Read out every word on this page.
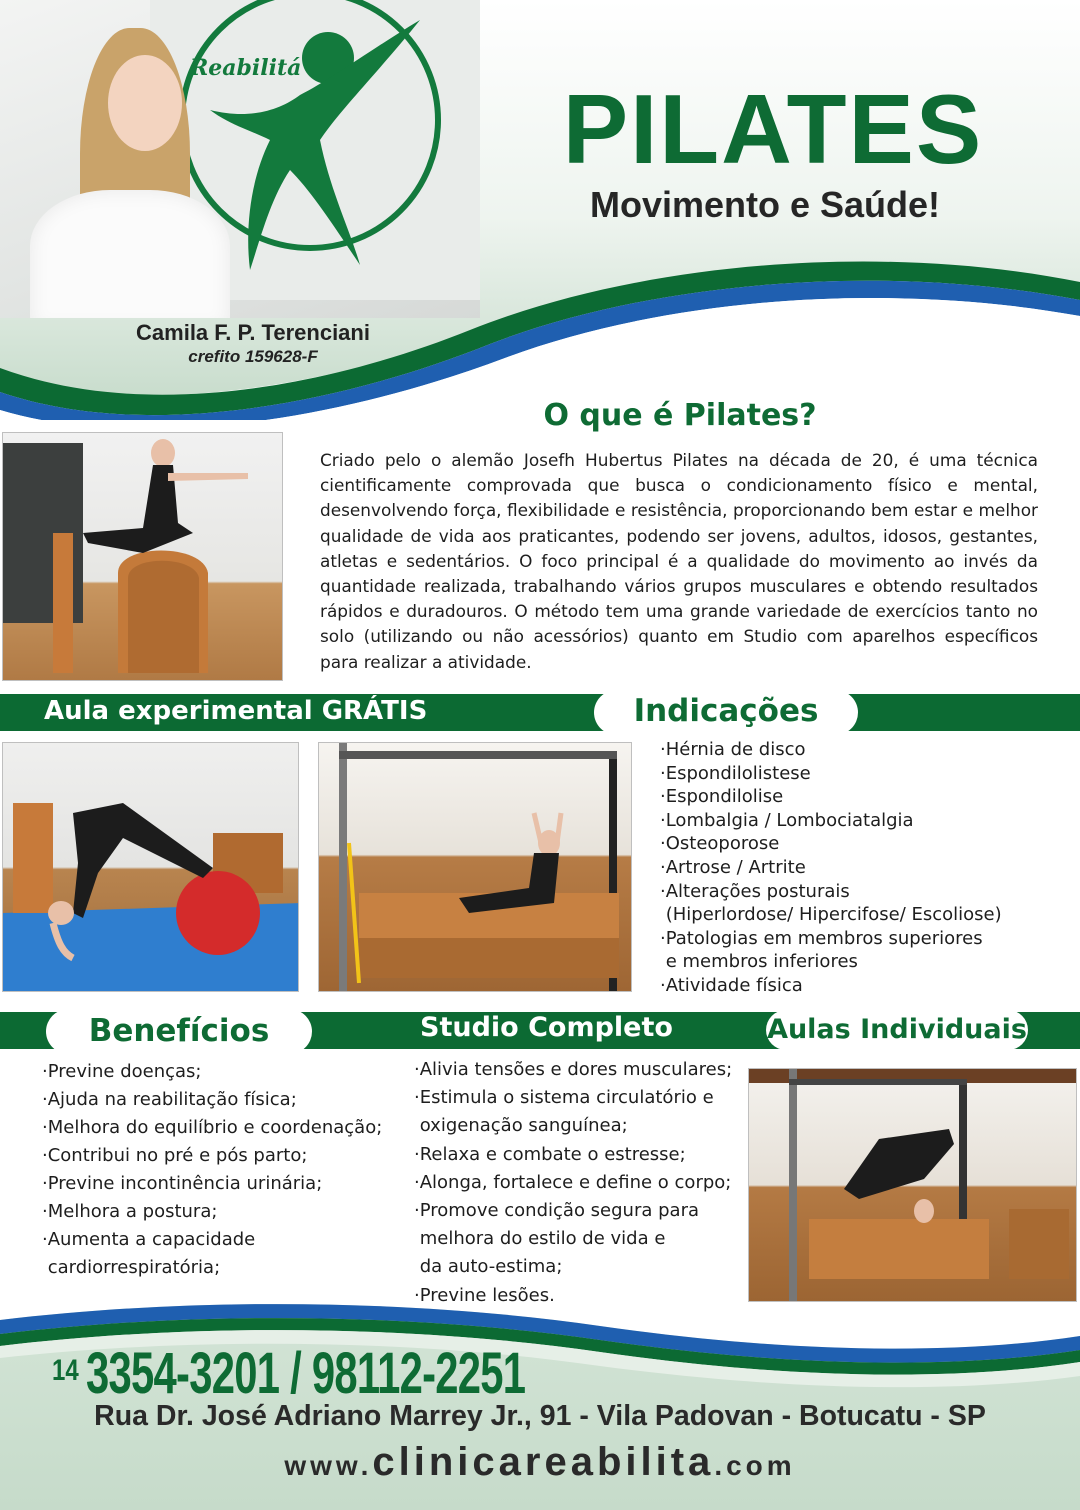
Reabilitá
PILATES
Movimento e Saúde!
Camila F. P. Terenciani
crefito 159628-F
O que é Pilates?
Criado pelo o alemão Josefh Hubertus Pilates na década de 20, é uma técnica cientificamente comprovada que busca o condicionamento físico e mental, desenvolvendo força, flexibilidade e resistência, proporcionando bem estar e melhor qualidade de vida aos praticantes, podendo ser jovens, adultos, idosos, gestantes, atletas e sedentários. O foco principal é a qualidade do movimento ao invés da quantidade realizada, trabalhando vários grupos musculares e obtendo resultados rápidos e duradouros. O método tem uma grande variedade de exercícios tanto no solo (utilizando ou não acessórios) quanto em Studio com aparelhos específicos para realizar a atividade.
Aula experimental GRÁTIS	Indicações
·Hérnia de disco
·Espondilolistese
·Espondilolise
·Lombalgia / Lombociatalgia
·Osteoporose
·Artrose / Artrite
·Alterações posturais
(Hiperlordose/ Hipercifose/ Escoliose)
·Patologias em membros superiores
e membros inferiores
·Atividade física
Benefícios	Studio Completo	Aulas Individuais
·Previne doenças;
·Ajuda na reabilitação física;
·Melhora do equilíbrio e coordenação;
·Contribui no pré e pós parto;
·Previne incontinência urinária;
·Melhora a postura;
·Aumenta a capacidade
cardiorrespiratória;
·Alivia tensões e dores musculares;
·Estimula o sistema circulatório e
oxigenação sanguínea;
·Relaxa e combate o estresse;
·Alonga, fortalece e define o corpo;
·Promove condição segura para
melhora do estilo de vida e
da auto-estima;
·Previne lesões.
14 3354-3201 / 98112-2251
Rua Dr. José Adriano Marrey Jr., 91 - Vila Padovan - Botucatu - SP
www.clinicareabilita.com
